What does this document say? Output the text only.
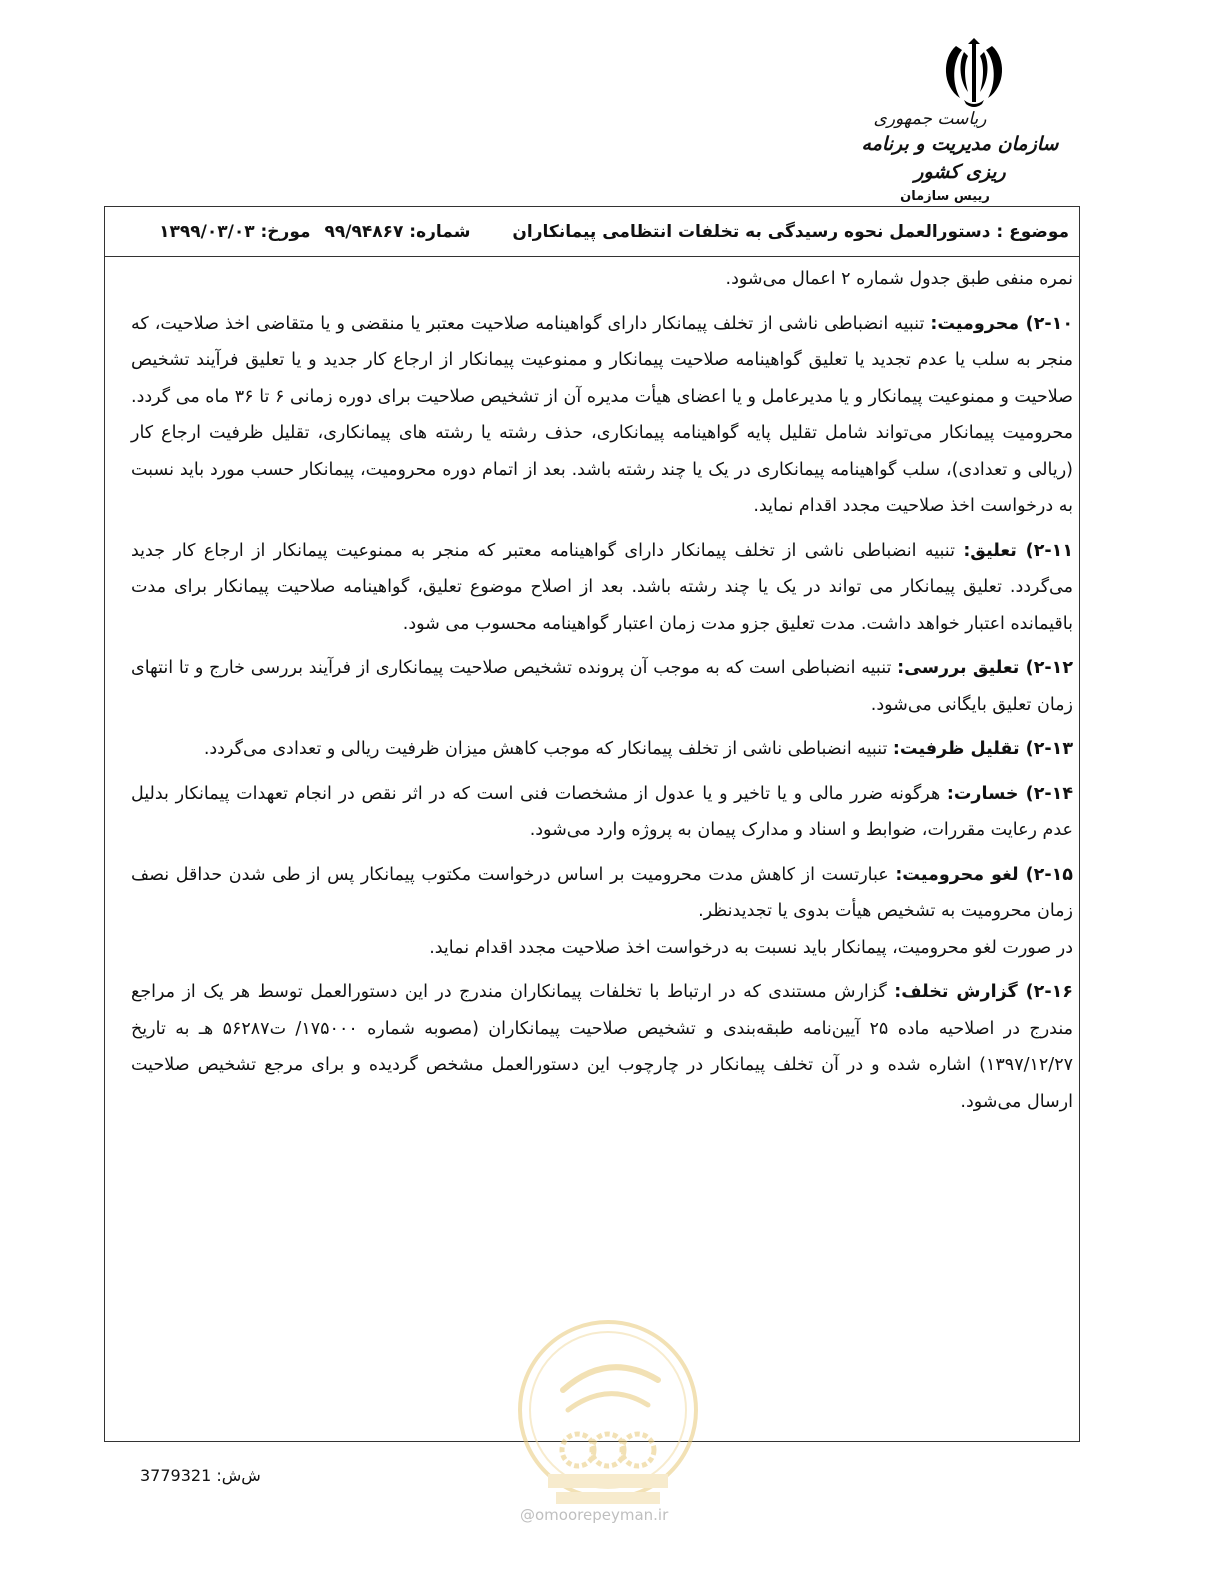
ریاست جمهوری
سازمان مدیریت و برنامه ریزی کشور
رییس سازمان
موضوع : دستورالعمل نحوه رسیدگی به تخلفات انتظامی پیمانکاران
شماره: ۹۹/۹۴۸۶۷
مورخ: ۱۳۹۹/۰۳/۰۳

نمره منفی طبق جدول شماره ۲ اعمال می‌شود.

۲-۱۰) محرومیت: تنبیه انضباطی ناشی از تخلف پیمانکار دارای گواهینامه صلاحیت معتبر یا منقضی و یا متقاضی اخذ صلاحیت، که منجر به سلب یا عدم تجدید یا تعلیق گواهینامه صلاحیت پیمانکار و ممنوعیت پیمانکار از ارجاع کار جدید و یا تعلیق فرآیند تشخیص صلاحیت و ممنوعیت پیمانکار و یا مدیرعامل و یا اعضای هیأت مدیره آن از تشخیص صلاحیت برای دوره زمانی ۶ تا ۳۶ ماه می گردد. محرومیت پیمانکار می‌تواند شامل تقلیل پایه گواهینامه پیمانکاری، حذف رشته یا رشته های پیمانکاری، تقلیل ظرفیت ارجاع کار (ریالی و تعدادی)، سلب گواهینامه پیمانکاری در یک یا چند رشته باشد. بعد از اتمام دوره محرومیت، پیمانکار حسب مورد باید نسبت به درخواست اخذ صلاحیت مجدد اقدام نماید.

۲-۱۱) تعلیق: تنبیه انضباطی ناشی از تخلف پیمانکار دارای گواهینامه معتبر که منجر به ممنوعیت پیمانکار از ارجاع کار جدید می‌گردد. تعلیق پیمانکار می تواند در یک یا چند رشته باشد. بعد از اصلاح موضوع تعلیق، گواهینامه صلاحیت پیمانکار برای مدت باقیمانده اعتبار خواهد داشت. مدت تعلیق جزو مدت زمان اعتبار گواهینامه محسوب می شود.

۲-۱۲) تعلیق بررسی: تنبیه انضباطی است که به موجب آن پرونده تشخیص صلاحیت پیمانکاری از فرآیند بررسی خارج و تا انتهای زمان تعلیق بایگانی می‌شود.

۲-۱۳) تقلیل ظرفیت: تنبیه انضباطی ناشی از تخلف پیمانکار که موجب کاهش میزان ظرفیت ریالی و تعدادی می‌گردد.

۲-۱۴) خسارت: هرگونه ضرر مالی و یا تاخیر و یا عدول از مشخصات فنی است که در اثر نقص در انجام تعهدات پیمانکار بدلیل عدم رعایت مقررات، ضوابط و اسناد و مدارک پیمان به پروژه وارد می‌شود.

۲-۱۵) لغو محرومیت: عبارتست از کاهش مدت محرومیت بر اساس درخواست مکتوب پیمانکار پس از طی شدن حداقل نصف زمان محرومیت به تشخیص هیأت بدوی یا تجدیدنظر.

در صورت لغو محرومیت، پیمانکار باید نسبت به درخواست اخذ صلاحیت مجدد اقدام نماید.

۲-۱۶) گزارش تخلف: گزارش مستندی که در ارتباط با تخلفات پیمانکاران مندرج در این دستورالعمل توسط هر یک از مراجع مندرج در اصلاحیه ماده ۲۵ آیین‌نامه طبقه‌بندی و تشخیص صلاحیت پیمانکاران (مصوبه شماره ۱۷۵۰۰۰/ ت۵۶۲۸۷ هـ به تاریخ ۱۳۹۷/۱۲/۲۷) اشاره شده و در آن تخلف پیمانکار در چارچوب این دستورالعمل مشخص گردیده و برای مرجع تشخیص صلاحیت ارسال می‌شود.

@omoorepeyman.ir
ش‌ش: 3779321
